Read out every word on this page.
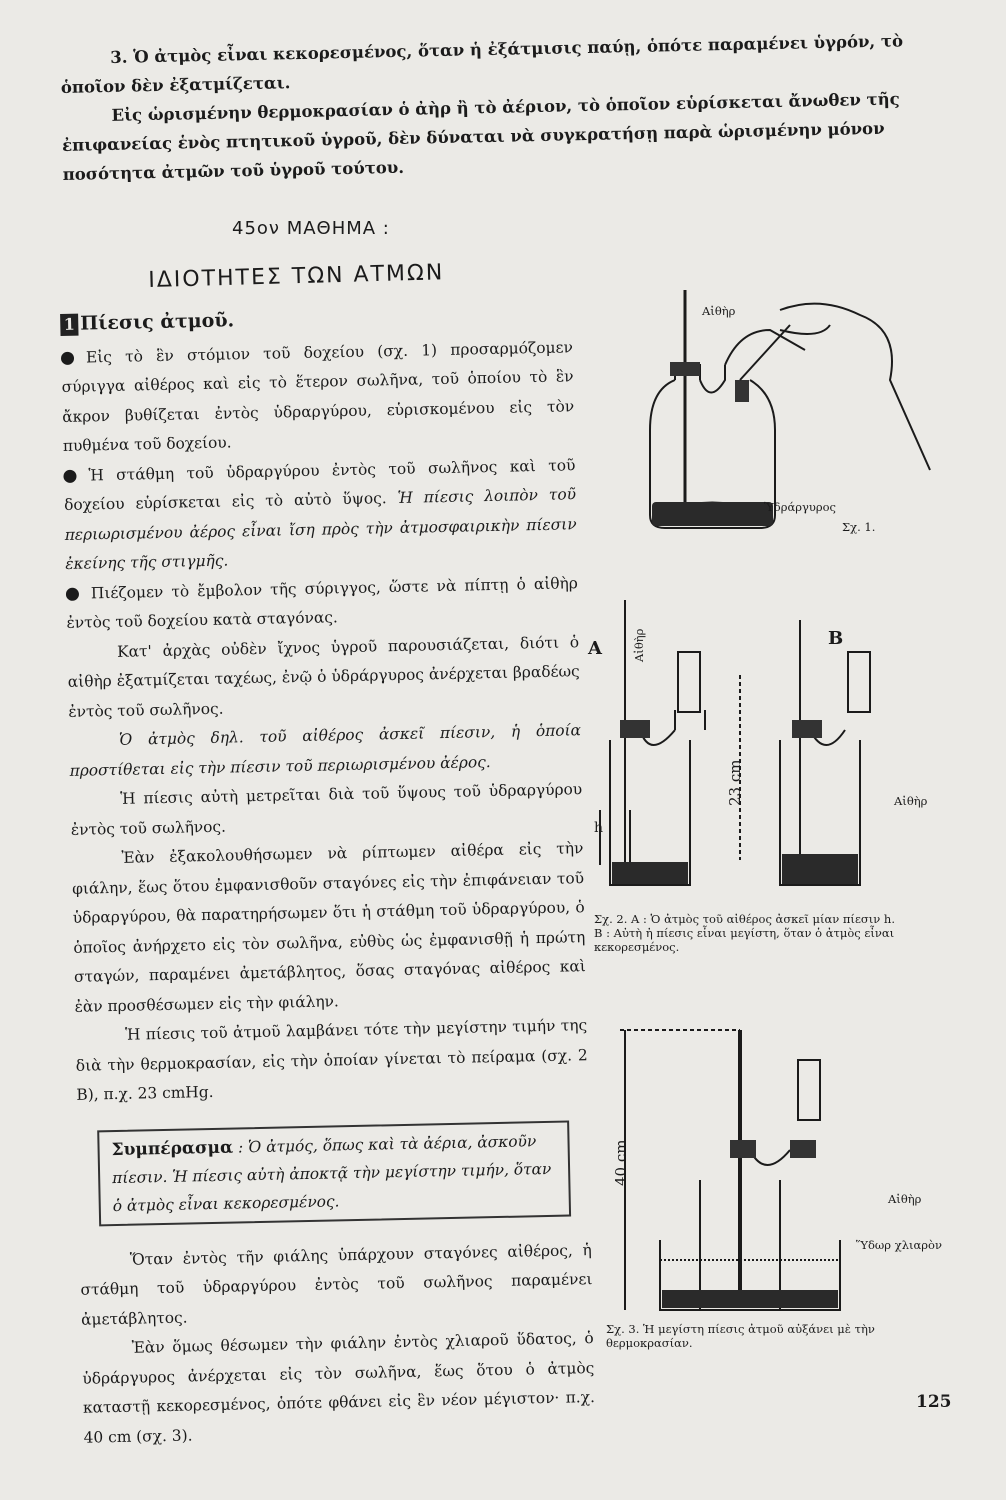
3. Ὁ ἀτμὸς εἶναι κεκορεσμένος, ὅταν ἡ ἐξάτμισις παύῃ, ὁπότε παραμένει ὑγρόν, τὸ ὁποῖον δὲν ἐξατμίζεται.

Εἰς ὡρισμένην θερμοκρασίαν ὁ ἀὴρ ἢ τὸ ἀέριον, τὸ ὁποῖον εὑρίσκεται ἄνωθεν τῆς ἐπιφανείας ἑνὸς πτητικοῦ ὑγροῦ, δὲν δύναται νὰ συγκρατήσῃ παρὰ ὡρισμένην μόνον ποσότητα ἀτμῶν τοῦ ὑγροῦ τούτου.

45ον ΜΑΘΗΜΑ :
ΙΔΙΟΤΗΤΕΣ ΤΩΝ ΑΤΜΩΝ

1 Πίεσις ἀτμοῦ.

Εἰς τὸ ἓν στόμιον τοῦ δοχείου (σχ. 1) προσαρμόζομεν σύριγγα αἰθέρος καὶ εἰς τὸ ἕτερον σωλῆνα, τοῦ ὁποίου τὸ ἓν ἄκρον βυθίζεται ἐντὸς ὑδραργύρου, εὑρισκομένου εἰς τὸν πυθμένα τοῦ δοχείου.

Ἡ στάθμη τοῦ ὑδραργύρου ἐντὸς τοῦ σωλῆνος καὶ τοῦ δοχείου εὑρίσκεται εἰς τὸ αὐτὸ ὕψος. Ἡ πίεσις λοιπὸν τοῦ περιωρισμένου ἀέρος εἶναι ἴση πρὸς τὴν ἀτμοσφαιρικὴν πίεσιν ἐκείνης τῆς στιγμῆς.

Πιέζομεν τὸ ἔμβολον τῆς σύριγγος, ὥστε νὰ πίπτῃ ὁ αἰθὴρ ἐντὸς τοῦ δοχείου κατὰ σταγόνας.

Κατ' ἀρχὰς οὐδὲν ἴχνος ὑγροῦ παρουσιάζεται, διότι ὁ αἰθὴρ ἐξατμίζεται ταχέως, ἐνῷ ὁ ὑδράργυρος ἀνέρχεται βραδέως ἐντὸς τοῦ σωλῆνος.

Ὁ ἀτμὸς δηλ. τοῦ αἰθέρος ἀσκεῖ πίεσιν, ἡ ὁποία προστίθεται εἰς τὴν πίεσιν τοῦ περιωρισμένου ἀέρος.

Ἡ πίεσις αὐτὴ μετρεῖται διὰ τοῦ ὕψους τοῦ ὑδραργύρου ἐντὸς τοῦ σωλῆνος.

Ἐὰν ἐξακολουθήσωμεν νὰ ρίπτωμεν αἰθέρα εἰς τὴν φιάλην, ἕως ὅτου ἐμφανισθοῦν σταγόνες εἰς τὴν ἐπιφάνειαν τοῦ ὑδραργύρου, θὰ παρατηρήσωμεν ὅτι ἡ στάθμη τοῦ ὑδραργύρου, ὁ ὁποῖος ἀνήρχετο εἰς τὸν σωλῆνα, εὐθὺς ὡς ἐμφανισθῇ ἡ πρώτη σταγών, παραμένει ἀμετάβλητος, ὅσας σταγόνας αἰθέρος καὶ ἐὰν προσθέσωμεν εἰς τὴν φιάλην.

Ἡ πίεσις τοῦ ἀτμοῦ λαμβάνει τότε τὴν μεγίστην τιμήν της διὰ τὴν θερμοκρασίαν, εἰς τὴν ὁποίαν γίνεται τὸ πείραμα (σχ. 2 Β), π.χ. 23 cmHg.

Συμπέρασμα : Ὁ ἀτμός, ὅπως καὶ τὰ ἀέρια, ἀσκοῦν πίεσιν. Ἡ πίεσις αὐτὴ ἀποκτᾷ τὴν μεγίστην τιμήν, ὅταν ὁ ἀτμὸς εἶναι κεκορεσμένος.

Ὅταν ἐντὸς τῆν φιάλης ὑπάρχουν σταγόνες αἰθέρος, ἡ στάθμη τοῦ ὑδραργύρου ἐντὸς τοῦ σωλῆνος παραμένει ἀμετάβλητος.

Ἐὰν ὅμως θέσωμεν τὴν φιάλην ἐντὸς χλιαροῦ ὕδατος, ὁ ὑδράργυρος ἀνέρχεται εἰς τὸν σωλῆνα, ἕως ὅτου ὁ ἀτμὸς καταστῇ κεκορεσμένος, ὁπότε φθάνει εἰς ἓν νέον μέγιστον· π.χ. 40 cm (σχ. 3).

Αἰθὴρ
Ὑδράργυρος
Σχ. 1.
A	B
Αἰθὴρ
Αἰθὴρ
h
23 cm
Σχ. 2. A : Ὁ ἀτμὸς τοῦ αἰθέρος ἀσκεῖ μίαν πίεσιν h.
B : Αὐτὴ ἡ πίεσις εἶναι μεγίστη, ὅταν ὁ ἀτμὸς εἶναι κεκορεσμένος.
40 cm
Αἰθὴρ
Ὕδωρ χλιαρὸν
Σχ. 3. Ἡ μεγίστη πίεσις ἀτμοῦ αὐξάνει μὲ τὴν θερμοκρασίαν.
125
